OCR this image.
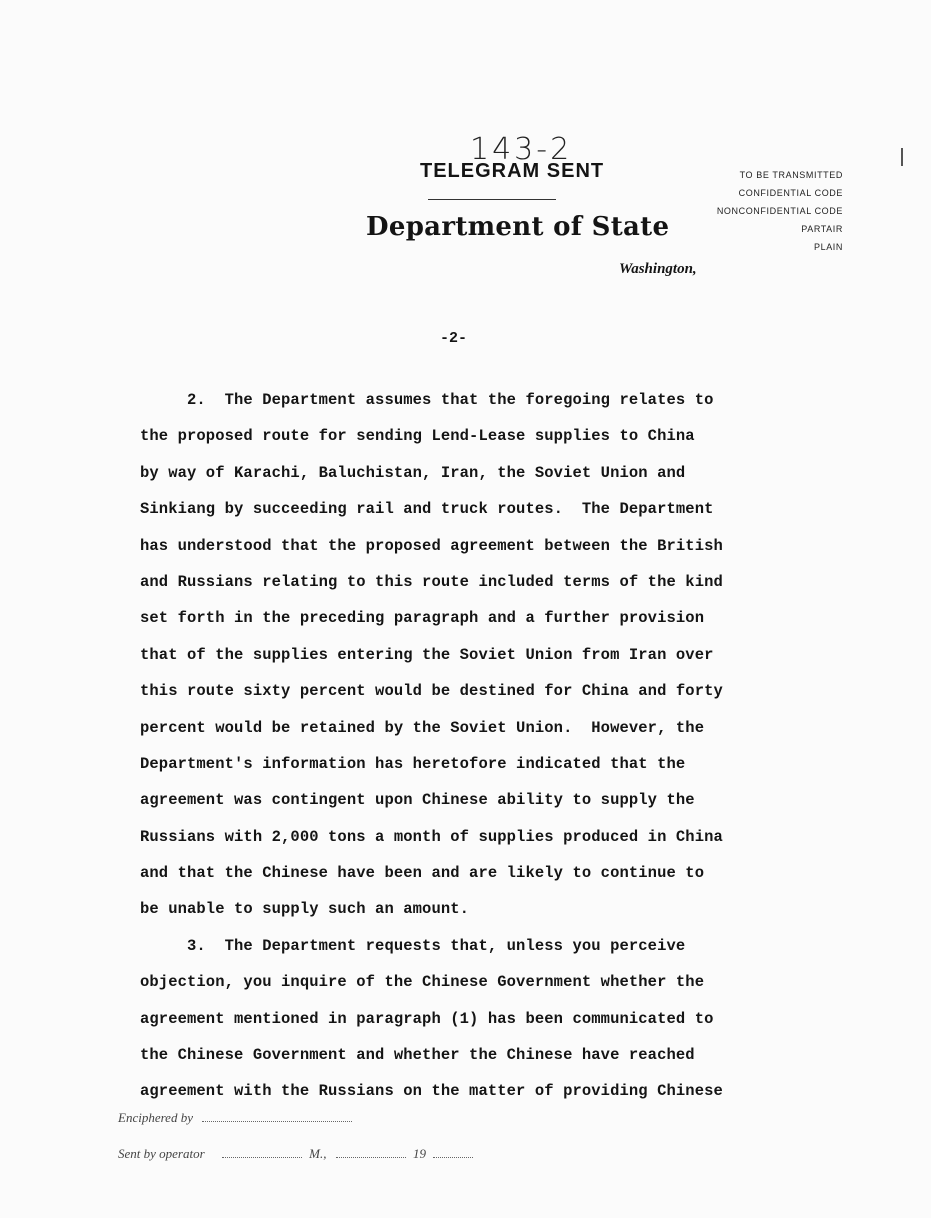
143-2
TELEGRAM SENT
Department of State
Washington,
TO BE TRANSMITTED
CONFIDENTIAL CODE
NONCONFIDENTIAL CODE
PARTAIR
PLAIN
-2-
2.  The Department assumes that the foregoing relates to
the proposed route for sending Lend-Lease supplies to China
by way of Karachi, Baluchistan, Iran, the Soviet Union and
Sinkiang by succeeding rail and truck routes.  The Department
has understood that the proposed agreement between the British
and Russians relating to this route included terms of the kind
set forth in the preceding paragraph and a further provision
that of the supplies entering the Soviet Union from Iran over
this route sixty percent would be destined for China and forty
percent would be retained by the Soviet Union.  However, the
Department's information has heretofore indicated that the
agreement was contingent upon Chinese ability to supply the
Russians with 2,000 tons a month of supplies produced in China
and that the Chinese have been and are likely to continue to
be unable to supply such an amount.
3.  The Department requests that, unless you perceive
objection, you inquire of the Chinese Government whether the
agreement mentioned in paragraph (1) has been communicated to
the Chinese Government and whether the Chinese have reached
agreement with the Russians on the matter of providing Chinese
Enciphered by
Sent by operator	M.,	19
